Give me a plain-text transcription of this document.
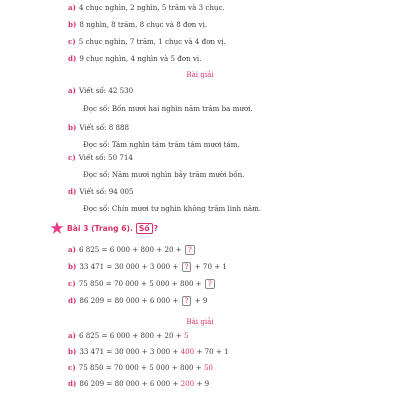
a) 4 chục nghìn, 2 nghìn, 5 trăm và 3 chục.
b) 8 nghìn, 8 trăm, 8 chục và 8 đơn vị.
c) 5 chục nghìn, 7 trăm, 1 chục và 4 đơn vị.
d) 9 chục nghìn, 4 nghìn và 5 đơn vị.
Bài giải
a) Viết số: 42 530
Đọc số: Bốn mươi hai nghìn năm trăm ba mươi.
b) Viết số: 8 888
Đọc số: Tám nghìn tám trăm tám mươi tám.
c) Viết số: 50 714
Đọc số: Năm mươi nghìn bảy trăm mười bốn.
d) Viết số: 94 005
Đọc số: Chín mươi tư nghìn không trăm linh năm.
Bài 3 (Trang 6). Số ?
a) 6 825 = 6 000 + 800 + 20 + ?
b) 33 471 = 30 000 + 3 000 + ? + 70 + 1
c) 75 850 = 70 000 + 5 000 + 800 + ?
d) 86 209 = 80 000 + 6 000 + ? + 9
Bài giải
a) 6 825 = 6 000 + 800 + 20 + 5
b) 33 471 = 30 000 + 3 000 + 400 + 70 + 1
c) 75 850 = 70 000 + 5 000 + 800 + 50
d) 86 209 = 80 000 + 6 000 + 200 + 9
